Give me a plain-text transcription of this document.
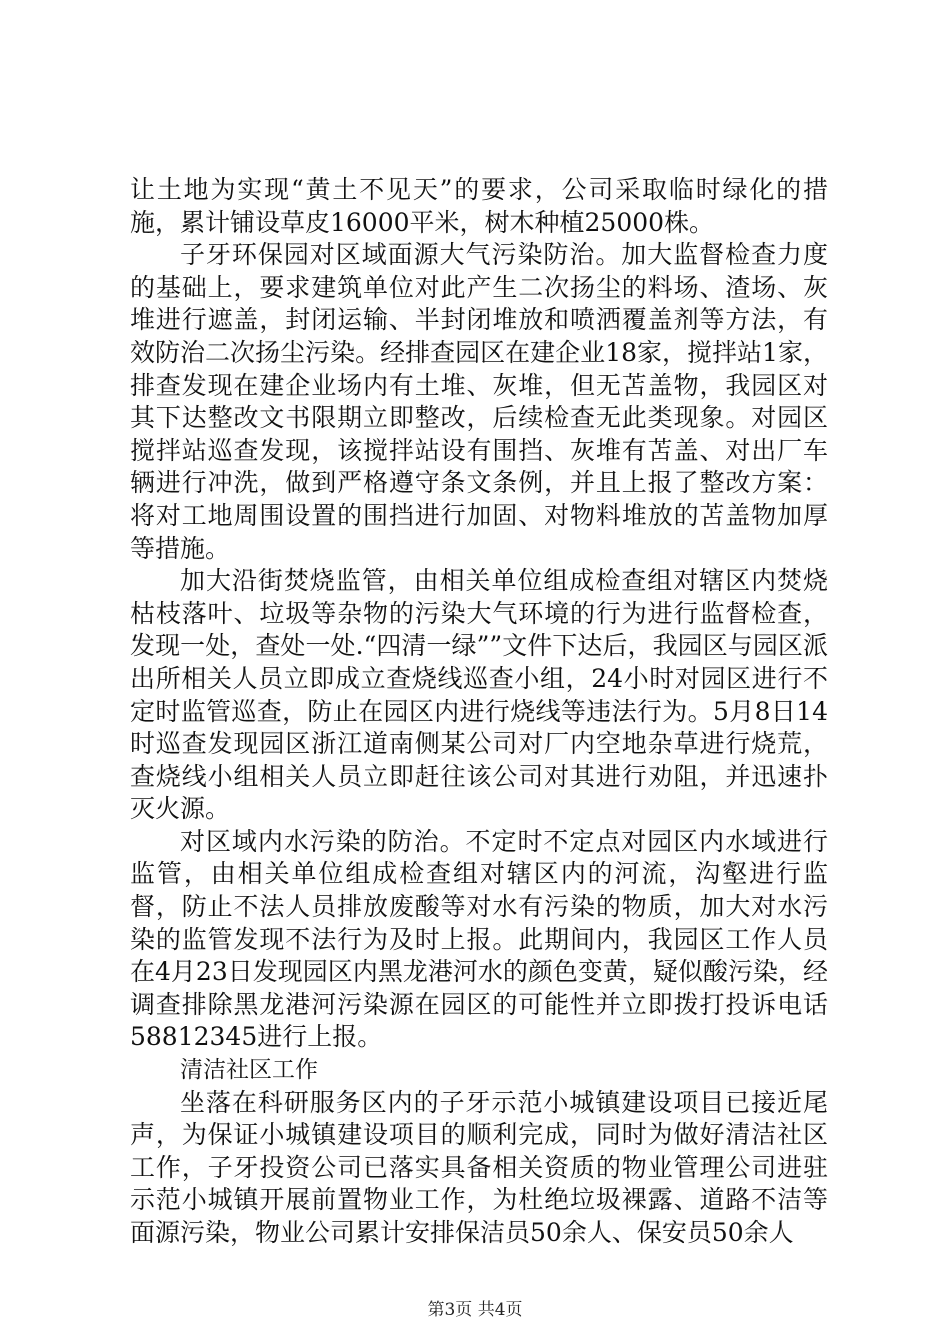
让土地为实现“黄土不见天”的要求，公司采取临时绿化的措施，累计铺设草皮16000平米，树木种植25000株。

子牙环保园对区域面源大气污染防治。加大监督检查力度的基础上，要求建筑单位对此产生二次扬尘的料场、渣场、灰堆进行遮盖，封闭运输、半封闭堆放和喷洒覆盖剂等方法，有效防治二次扬尘污染。经排查园区在建企业18家，搅拌站1家，排查发现在建企业场内有土堆、灰堆，但无苫盖物，我园区对其下达整改文书限期立即整改，后续检查无此类现象。对园区搅拌站巡查发现，该搅拌站设有围挡、灰堆有苫盖、对出厂车辆进行冲洗，做到严格遵守条文条例，并且上报了整改方案：将对工地周围设置的围挡进行加固、对物料堆放的苫盖物加厚等措施。

加大沿街焚烧监管，由相关单位组成检查组对辖区内焚烧枯枝落叶、垃圾等杂物的污染大气环境的行为进行监督检查，发现一处，查处一处.“四清一绿””文件下达后，我园区与园区派出所相关人员立即成立查烧线巡查小组，24小时对园区进行不定时监管巡查，防止在园区内进行烧线等违法行为。5月8日14时巡查发现园区浙江道南侧某公司对厂内空地杂草进行烧荒，查烧线小组相关人员立即赶往该公司对其进行劝阻，并迅速扑灭火源。

对区域内水污染的防治。不定时不定点对园区内水域进行监管，由相关单位组成检查组对辖区内的河流，沟壑进行监督，防止不法人员排放废酸等对水有污染的物质，加大对水污染的监管发现不法行为及时上报。此期间内，我园区工作人员在4月23日发现园区内黑龙港河水的颜色变黄，疑似酸污染，经调查排除黑龙港河污染源在园区的可能性并立即拨打投诉电话58812345进行上报。

清洁社区工作

坐落在科研服务区内的子牙示范小城镇建设项目已接近尾声，为保证小城镇建设项目的顺利完成，同时为做好清洁社区工作，子牙投资公司已落实具备相关资质的物业管理公司进驻示范小城镇开展前置物业工作，为杜绝垃圾裸露、道路不洁等面源污染，物业公司累计安排保洁员50余人、保安员50余人

第3页 共4页
